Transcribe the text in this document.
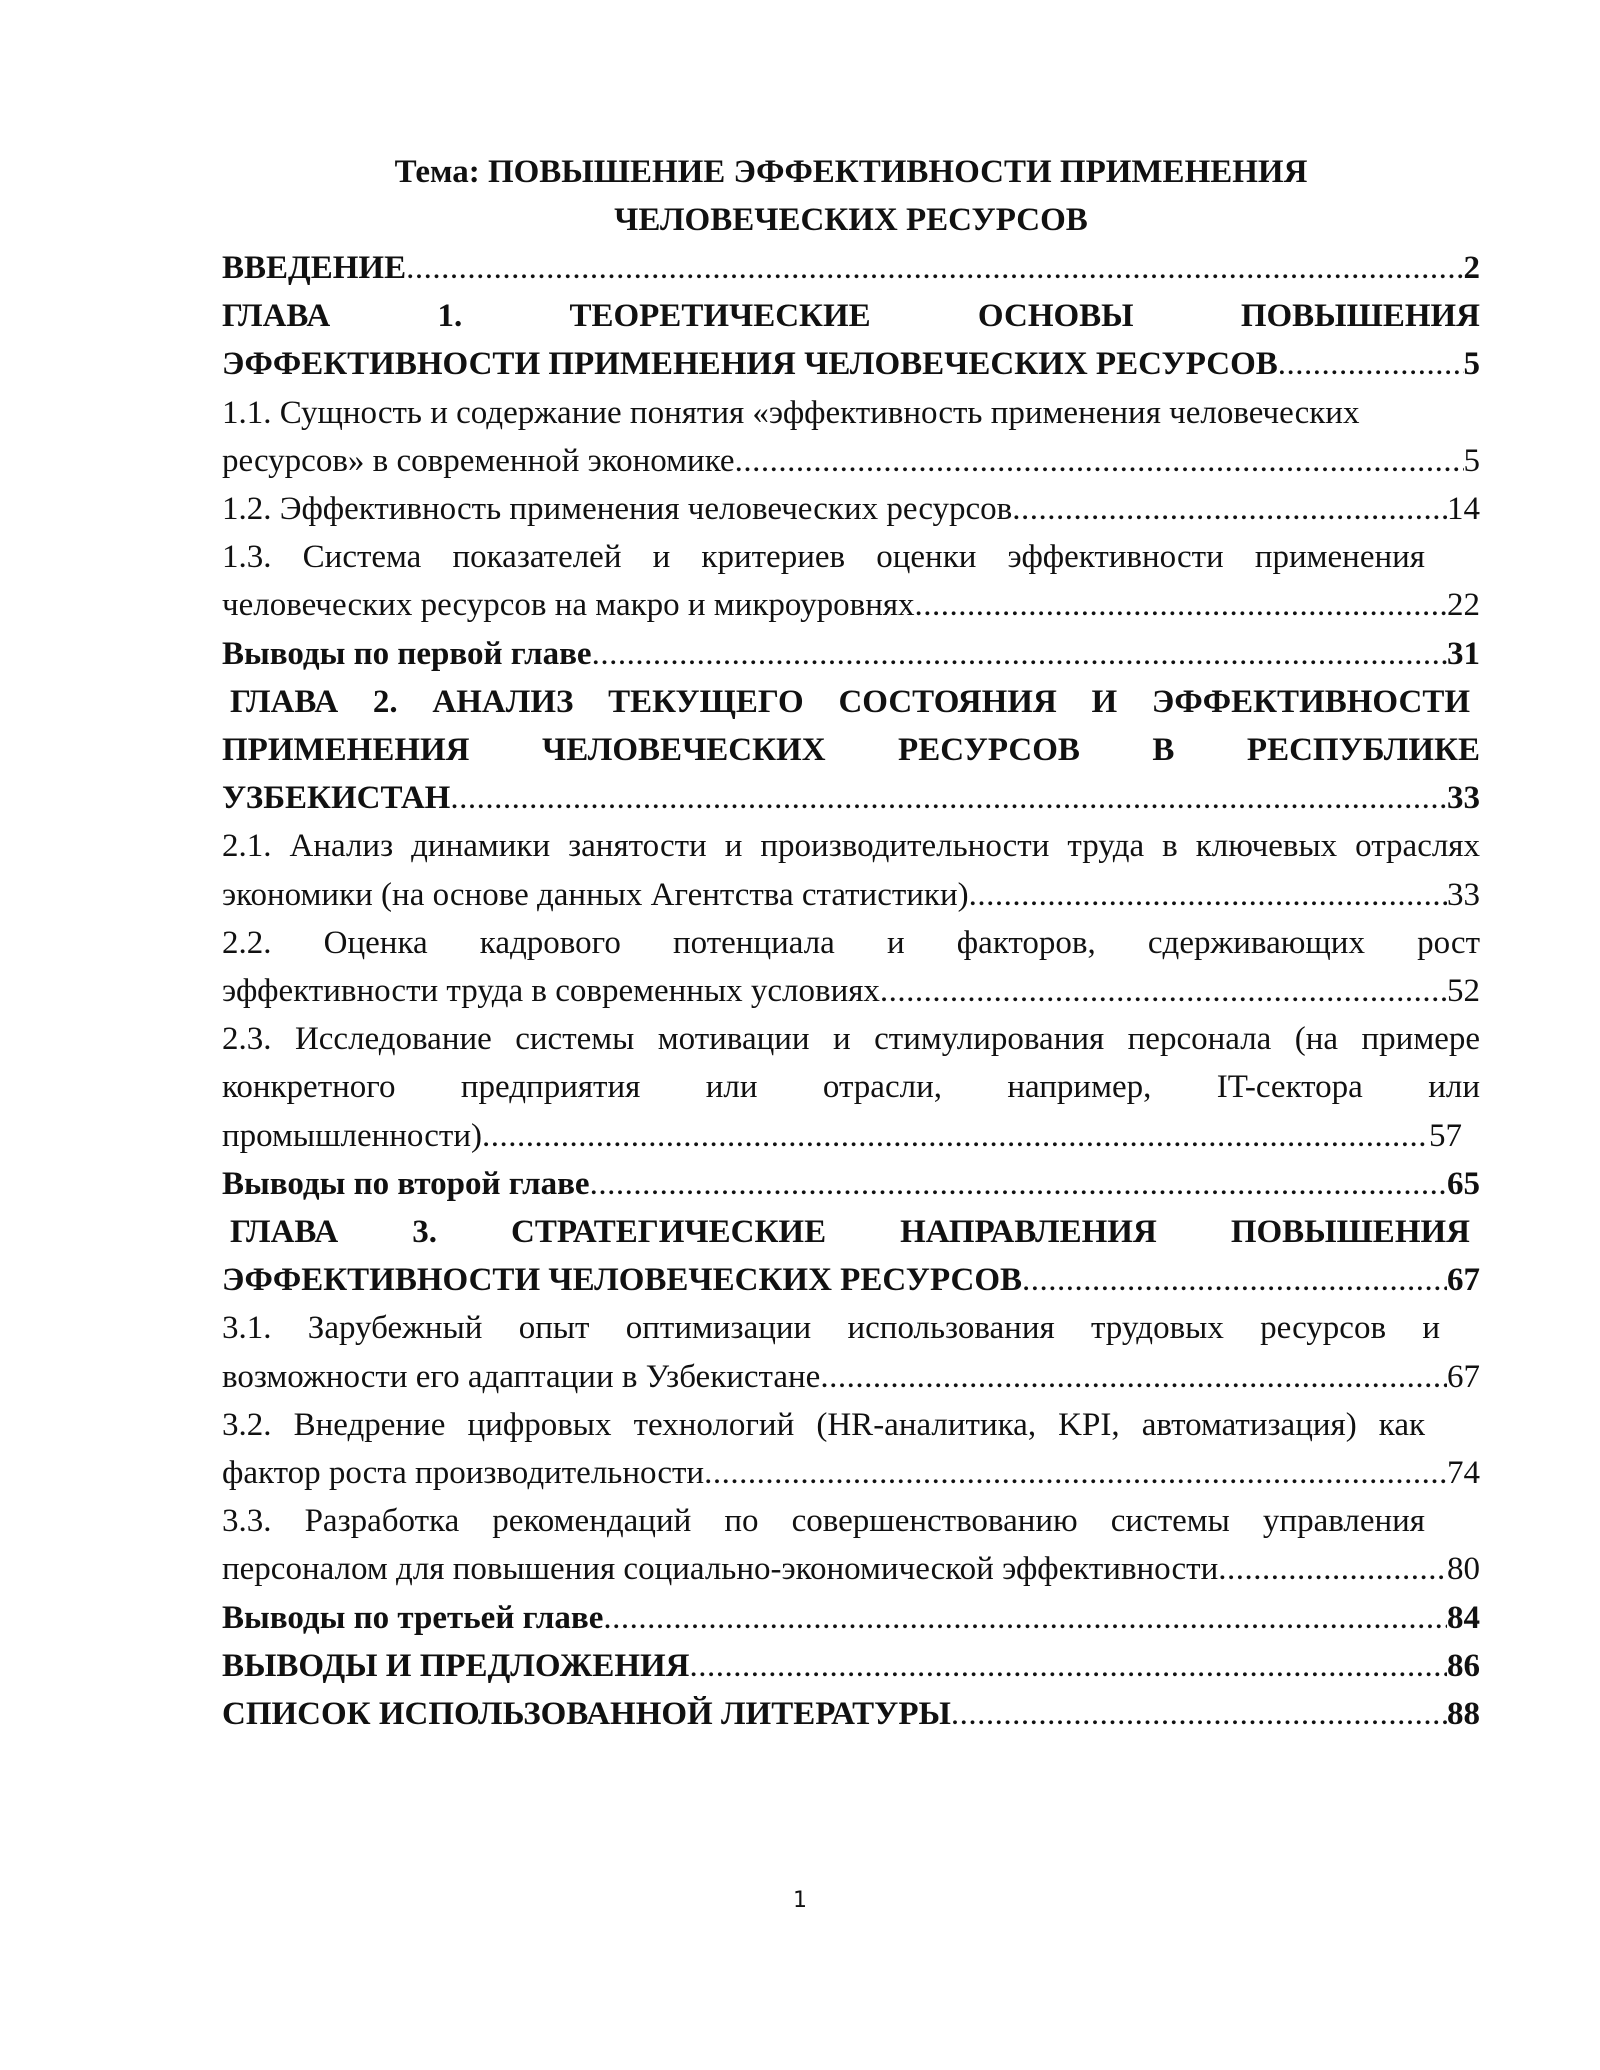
Тема: ПОВЫШЕНИЕ ЭФФЕКТИВНОСТИ ПРИМЕНЕНИЯ
ЧЕЛОВЕЧЕСКИХ РЕСУРСОВ
ВВЕДЕНИЕ .....	2
ГЛАВА 1. ТЕОРЕТИЧЕСКИЕ ОСНОВЫ ПОВЫШЕНИЯ
ЭФФЕКТИВНОСТИ ПРИМЕНЕНИЯ ЧЕЛОВЕЧЕСКИХ РЕСУРСОВ .....	5
1.1. Сущность и содержание понятия «эффективность применения человеческих
ресурсов» в современной экономике .....	5
1.2. Эффективность применения человеческих ресурсов .....	14
1.3. Система показателей и критериев оценки эффективности применения
человеческих ресурсов на макро и микроуровнях .....	22
Выводы по первой главе .....	31
ГЛАВА 2. АНАЛИЗ ТЕКУЩЕГО СОСТОЯНИЯ И ЭФФЕКТИВНОСТИ
ПРИМЕНЕНИЯ ЧЕЛОВЕЧЕСКИХ РЕСУРСОВ В РЕСПУБЛИКЕ
УЗБЕКИСТАН .....	33
2.1. Анализ динамики занятости и производительности труда в ключевых отраслях
экономики (на основе данных Агентства статистики) .....	33
2.2. Оценка кадрового потенциала и факторов, сдерживающих рост
эффективности труда в современных условиях .....	52
2.3. Исследование системы мотивации и стимулирования персонала (на примере
конкретного предприятия или отрасли, например, IT-сектора или
промышленности) .....	57
Выводы по второй главе .....	65
ГЛАВА 3. СТРАТЕГИЧЕСКИЕ НАПРАВЛЕНИЯ ПОВЫШЕНИЯ
ЭФФЕКТИВНОСТИ ЧЕЛОВЕЧЕСКИХ РЕСУРСОВ .....	67
3.1. Зарубежный опыт оптимизации использования трудовых ресурсов и
возможности его адаптации в Узбекистане .....	67
3.2. Внедрение цифровых технологий (HR-аналитика, KPI, автоматизация) как
фактор роста производительности .....	74
3.3. Разработка рекомендаций по совершенствованию системы управления
персоналом для повышения социально-экономической эффективности .....	80
Выводы по третьей главе .....	84
ВЫВОДЫ И ПРЕДЛОЖЕНИЯ .....	86
СПИСОК ИСПОЛЬЗОВАННОЙ ЛИТЕРАТУРЫ .....	88
1
